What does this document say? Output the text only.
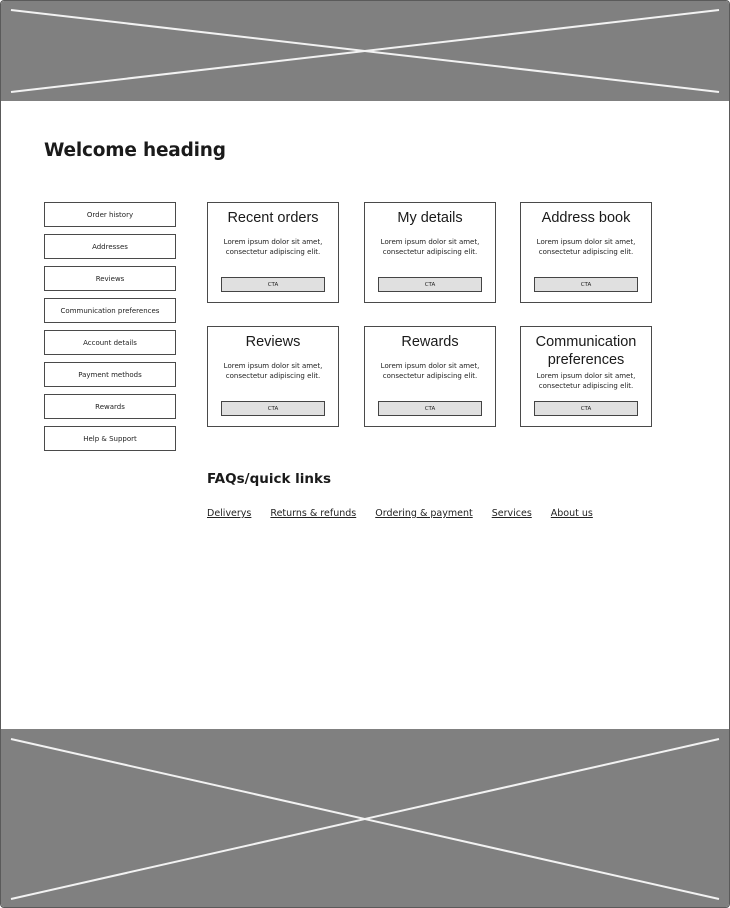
Welcome heading
Order history
Addresses
Reviews
Communication preferences
Account details
Payment methods
Rewards
Help & Support
Recent orders
Lorem ipsum dolor sit amet, consectetur adipiscing elit.
CTA
My details
Lorem ipsum dolor sit amet, consectetur adipiscing elit.
CTA
Address book
Lorem ipsum dolor sit amet, consectetur adipiscing elit.
CTA
Reviews
Lorem ipsum dolor sit amet, consectetur adipiscing elit.
CTA
Rewards
Lorem ipsum dolor sit amet, consectetur adipiscing elit.
CTA
Communication preferences
Lorem ipsum dolor sit amet, consectetur adipiscing elit.
CTA
FAQs/quick links
Deliverys Returns & refunds Ordering & payment Services About us
